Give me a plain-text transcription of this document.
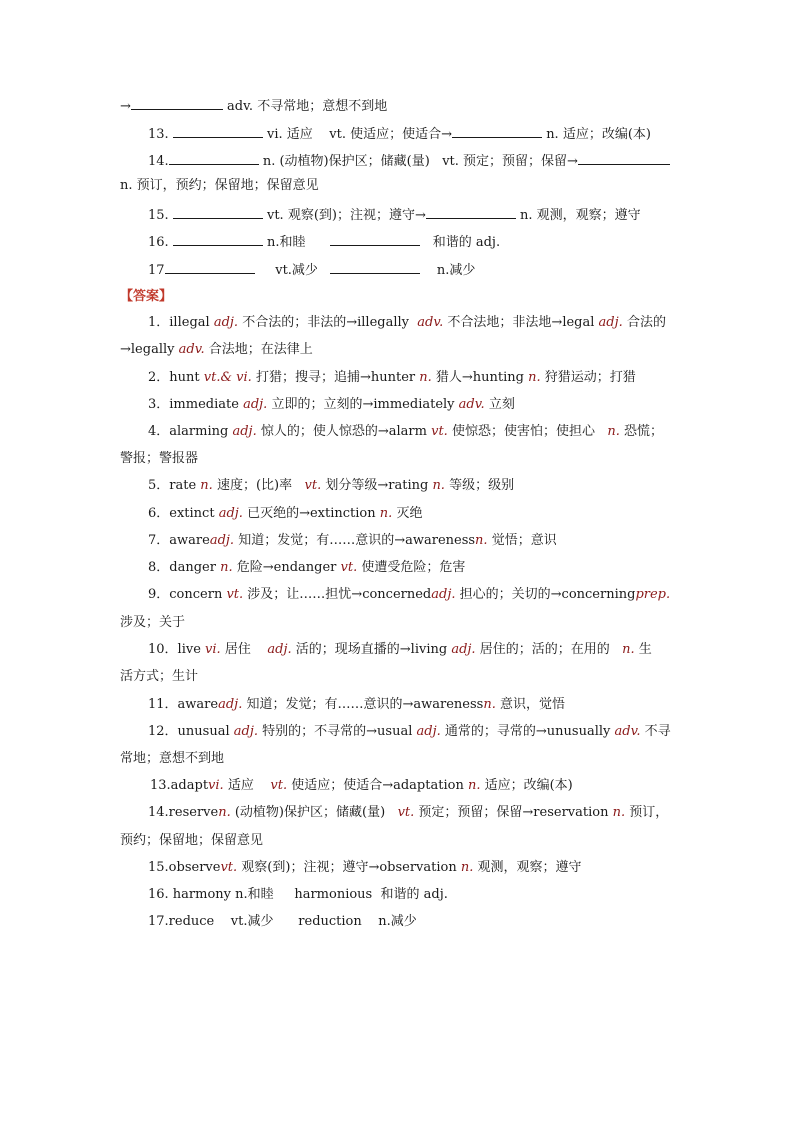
→	adv. 不寻常地；意想不到地
13.	vi. 适应 vt. 使适应；使适合→	n. 适应；改编(本)
14.	n. (动植物)保护区；储藏(量) vt. 预定；预留；保留→
n. 预订，预约；保留地；保留意见
15.	vt. 观察(到)；注视；遵守→	n. 观测，观察；遵守
16.	n.和睦	和谐的 adj.
17	vt.减少	n.减少
【答案】
1．illegal adj. 不合法的；非法的→illegally adv. 不合法地；非法地→legal adj. 合法的
→legally adv. 合法地；在法律上
2．hunt vt.& vi. 打猎；搜寻；追捕→hunter n. 猎人→hunting n. 狩猎运动；打猎
3．immediate adj. 立即的；立刻的→immediately adv. 立刻
4．alarming adj. 惊人的；使人惊恐的→alarm vt. 使惊恐；使害怕；使担心 n. 恐慌；
警报；警报器
5．rate n. 速度；(比)率 vt. 划分等级→rating n. 等级；级别
6．extinct adj. 已灭绝的→extinction n. 灭绝
7．awareadj. 知道；发觉；有……意识的→awarenessn. 觉悟；意识
8．danger n. 危险→endanger vt. 使遭受危险；危害
9．concern vt. 涉及；让……担忧→concernedadj. 担心的；关切的→concerningprep.
涉及；关于
10．live vi. 居住 adj. 活的；现场直播的→living adj. 居住的；活的；在用的 n. 生
活方式；生计
11．awareadj. 知道；发觉；有……意识的→awarenessn. 意识，觉悟
12．unusual adj. 特别的；不寻常的→usual adj. 通常的；寻常的→unusually adv. 不寻
常地；意想不到地
13.adaptvi. 适应 vt. 使适应；使适合→adaptation n. 适应；改编(本)
14.reserven. (动植物)保护区；储藏(量) vt. 预定；预留；保留→reservation n. 预订，
预约；保留地；保留意见
15.observevt. 观察(到)；注视；遵守→observation n. 观测，观察；遵守
16. harmony n.和睦 harmonious 和谐的 adj.
17.reduce vt.减少 reduction n.减少
